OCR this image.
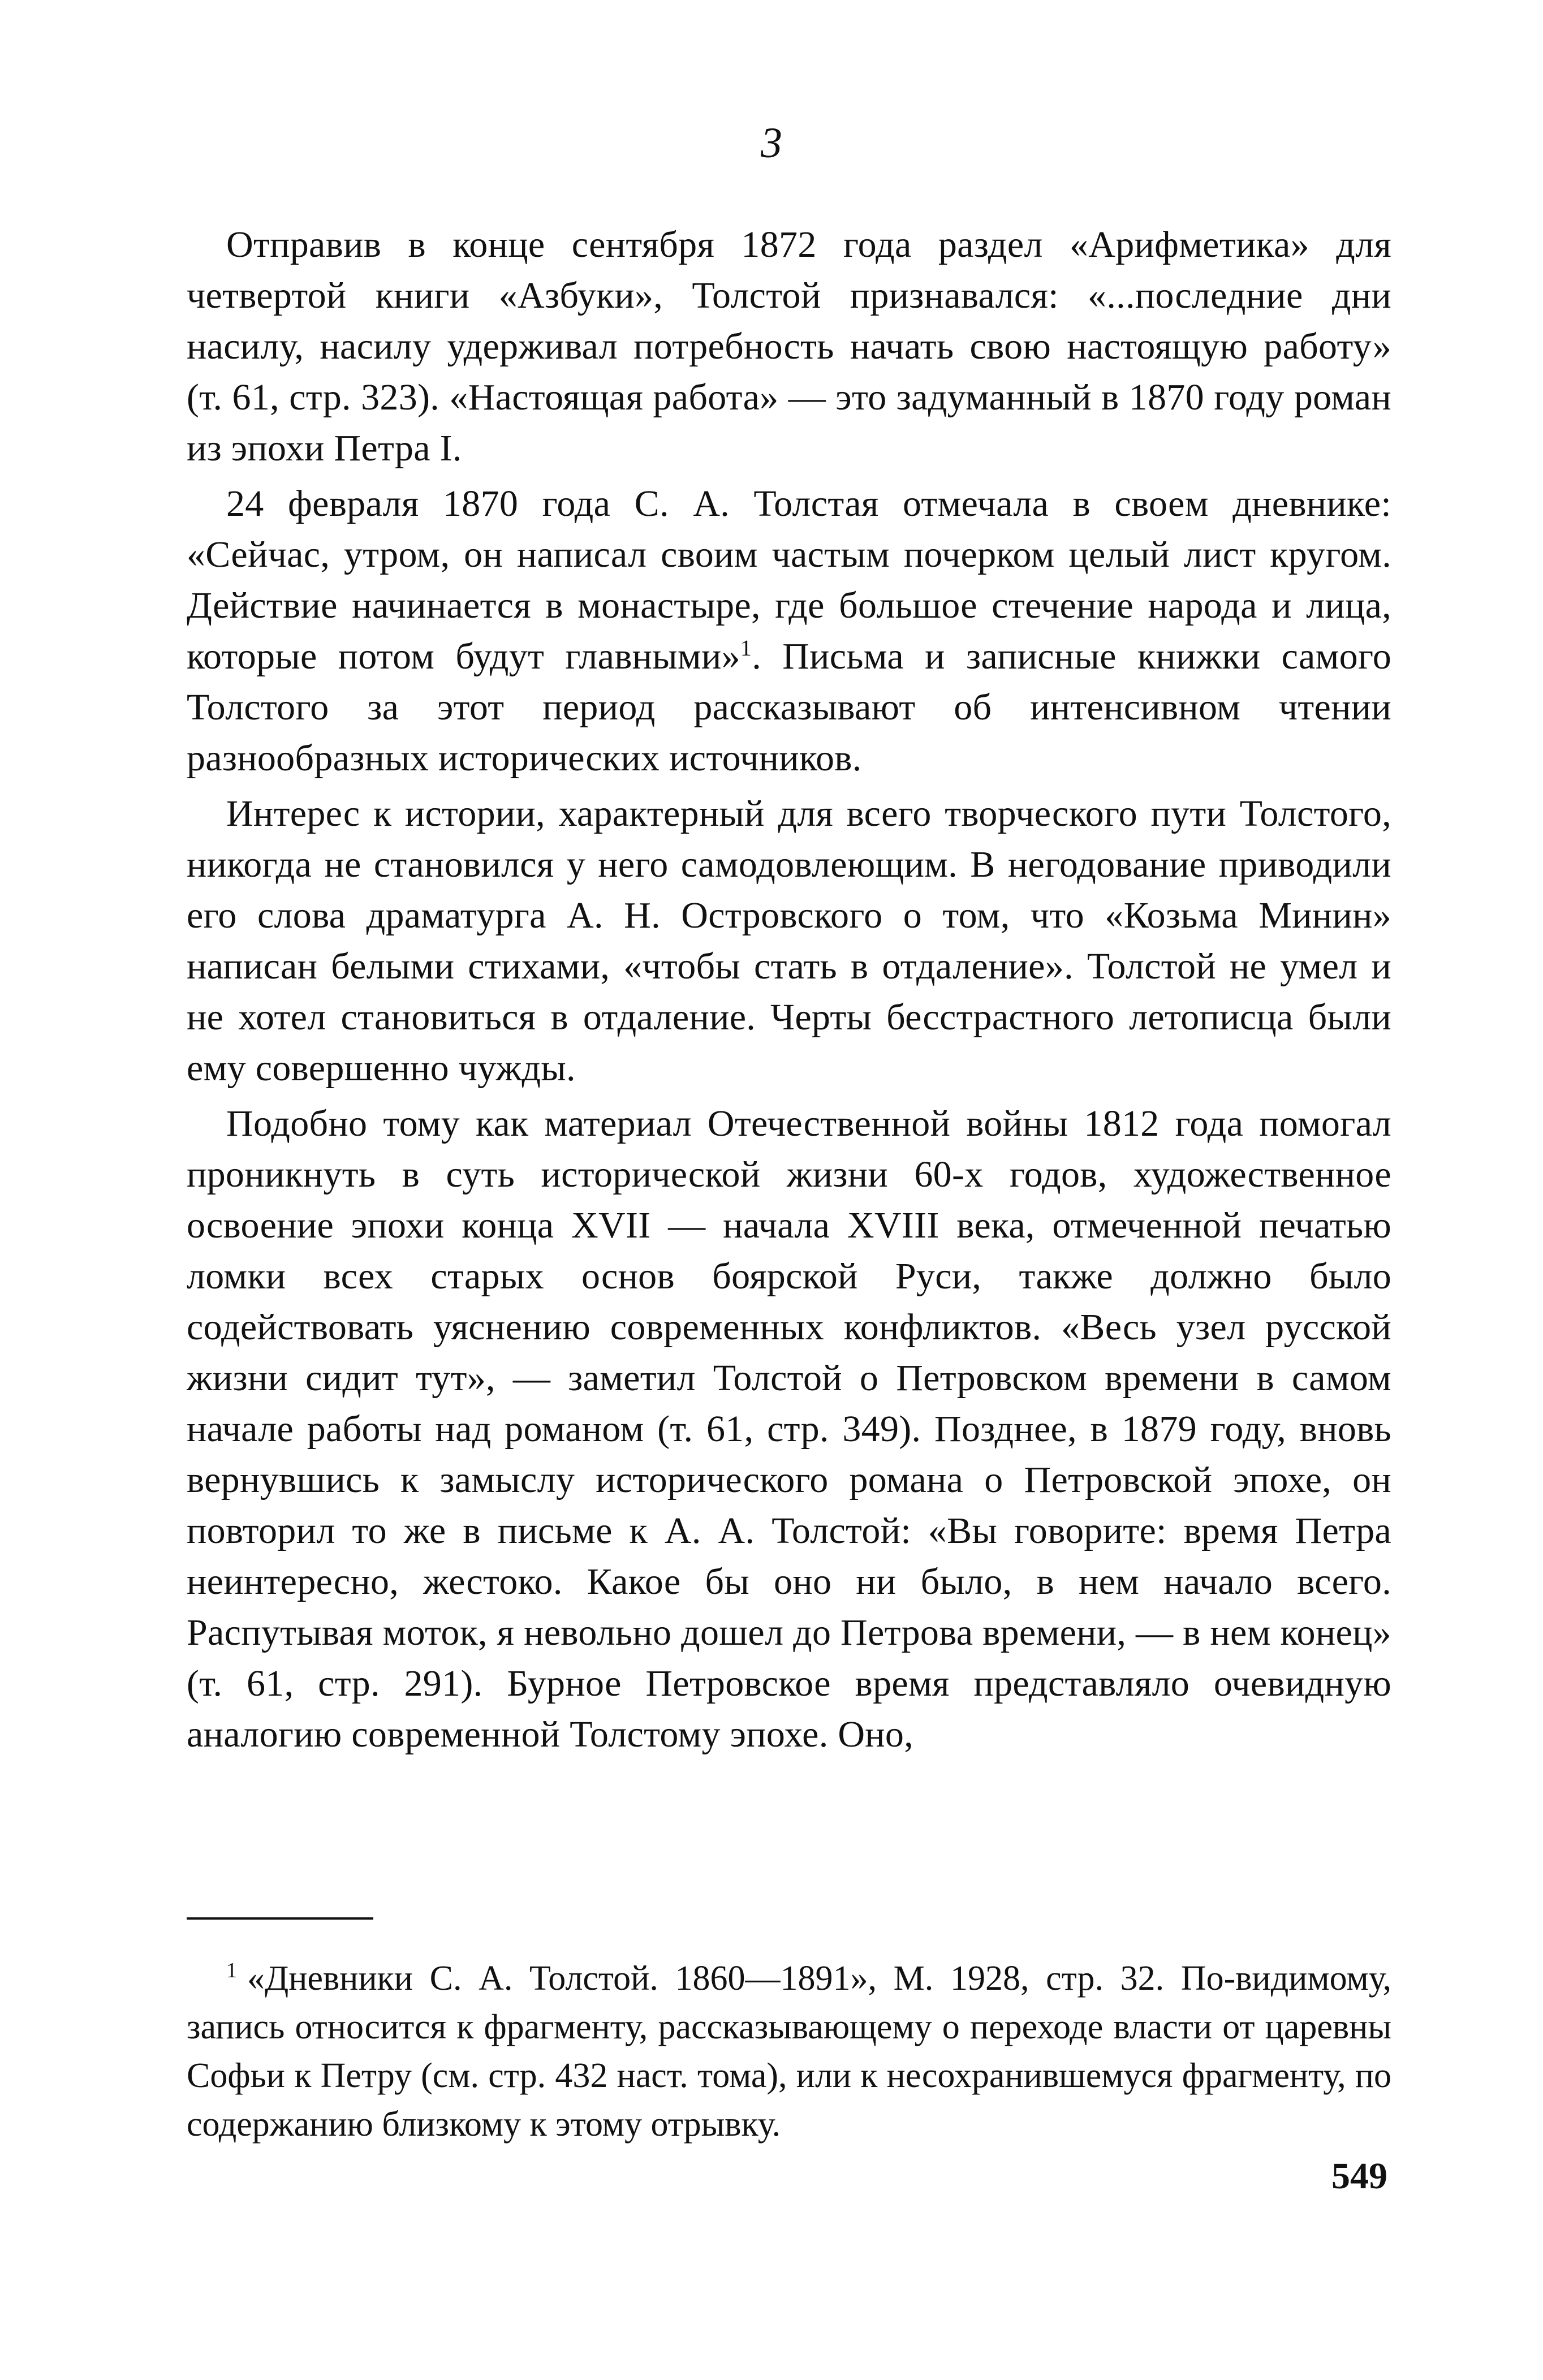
3

Отправив в конце сентября 1872 года раздел «Арифметика» для четвертой книги «Азбуки», Толстой признавался: «...последние дни насилу, насилу удерживал потребность начать свою настоящую работу» (т. 61, стр. 323). «Настоящая работа» — это задуманный в 1870 году роман из эпохи Петра I.

24 февраля 1870 года С. А. Толстая отмечала в своем дневнике: «Сейчас, утром, он написал своим частым почерком целый лист кругом. Действие начинается в монастыре, где большое стечение народа и лица, которые потом будут главными»$^1$. Письма и записные книжки самого Толстого за этот период рассказывают об интенсивном чтении разнообразных исторических источников.

Интерес к истории, характерный для всего творческого пути Толстого, никогда не становился у него самодовлеющим. В негодование приводили его слова драматурга А. Н. Островского о том, что «Козьма Минин» написан белыми стихами, «чтобы стать в отдаление». Толстой не умел и не хотел становиться в отдаление. Черты бесстрастного летописца были ему совершенно чужды.

Подобно тому как материал Отечественной войны 1812 года помогал проникнуть в суть исторической жизни 60-х годов, художественное освоение эпохи конца XVII — начала XVIII века, отмеченной печатью ломки всех старых основ боярской Руси, также должно было содействовать уяснению современных конфликтов. «Весь узел русской жизни сидит тут», — заметил Толстой о Петровском времени в самом начале работы над романом (т. 61, стр. 349). Позднее, в 1879 году, вновь вернувшись к замыслу исторического романа о Петровской эпохе, он повторил то же в письме к А. А. Толстой: «Вы говорите: время Петра неинтересно, жестоко. Какое бы оно ни было, в нем начало всего. Распутывая моток, я невольно дошел до Петрова времени, — в нем конец» (т. 61, стр. 291). Бурное Петровское время представляло очевидную аналогию современной Толстому эпохе. Оно,

$^1$ «Дневники С. А. Толстой. 1860—1891», М. 1928, стр. 32. По-видимому, запись относится к фрагменту, рассказывающему о переходе власти от царевны Софьи к Петру (см. стр. 432 наст. тома), или к несохранившемуся фрагменту, по содержанию близкому к этому отрывку.

549
